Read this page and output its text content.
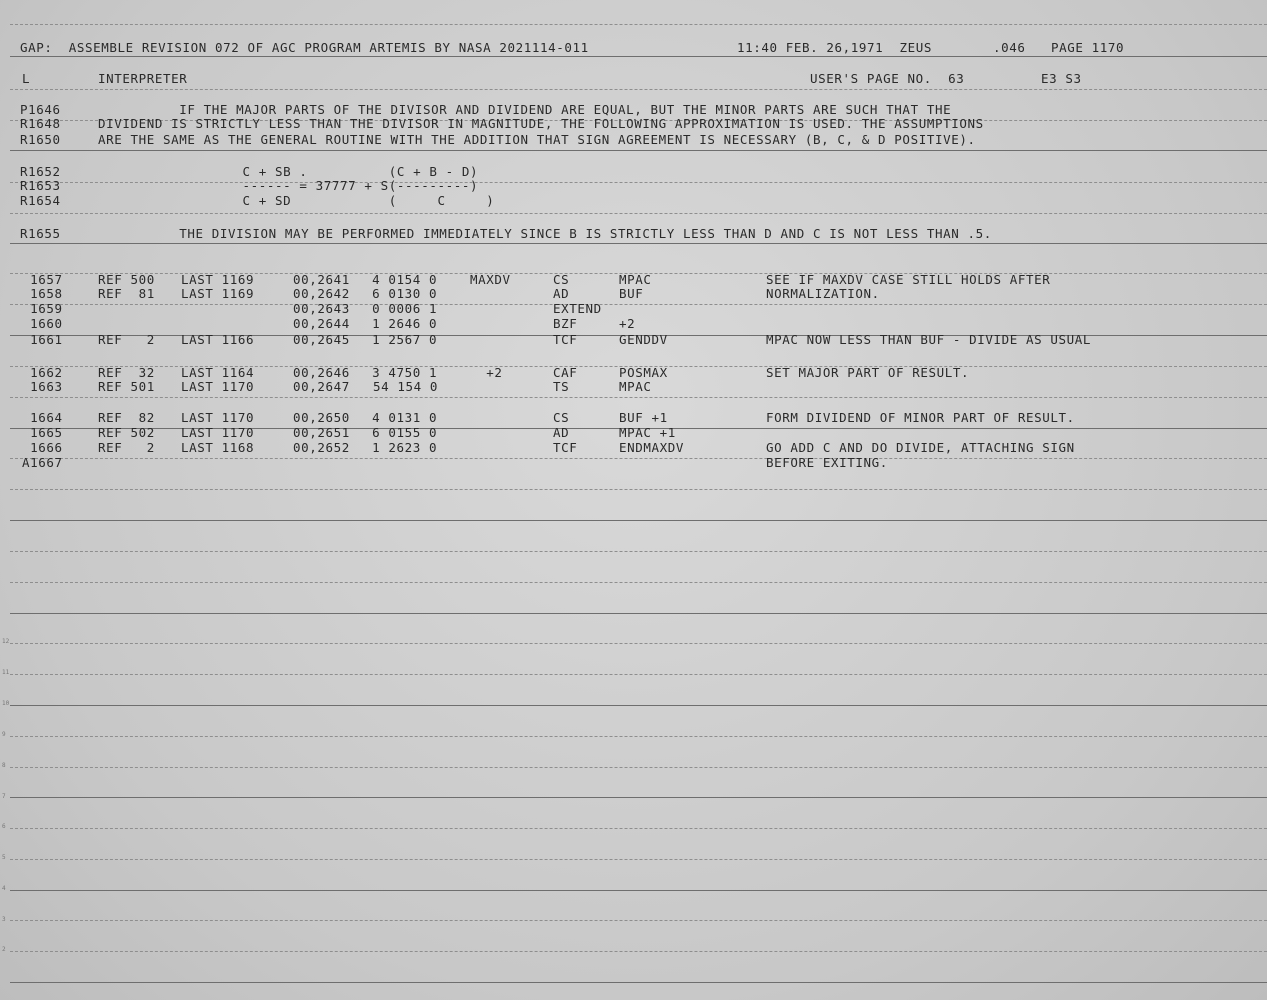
12
11
10
9
8
7
6
5
4
3
2
GAP:  ASSEMBLE REVISION 072 OF AGC PROGRAM ARTEMIS BY NASA 2021114-011	11:40 FEB. 26,1971  ZEUS	.046 PAGE 1170
L	INTERPRETER	USER'S PAGE NO.  63	E3 S3
P1646	IF THE MAJOR PARTS OF THE DIVISOR AND DIVIDEND ARE EQUAL, BUT THE MINOR PARTS ARE SUCH THAT THE
R1648	DIVIDEND IS STRICTLY LESS THAN THE DIVISOR IN MAGNITUDE, THE FOLLOWING APPROXIMATION IS USED. THE ASSUMPTIONS
R1650	ARE THE SAME AS THE GENERAL ROUTINE WITH THE ADDITION THAT SIGN AGREEMENT IS NECESSARY (B, C, & D POSITIVE).
R1652 C + SB .          (C + B - D)
R1653 ------ = 37777 + S(---------)
R1654 C + SD            (     C     )
R1655	THE DIVISION MAY BE PERFORMED IMMEDIATELY SINCE B IS STRICTLY LESS THAN D AND C IS NOT LESS THAN .5.
1657	REF 500 LAST 1169	00,2641 4 0154 0	MAXDV	CS	MPAC	SEE IF MAXDV CASE STILL HOLDS AFTER
1658	REF  81 LAST 1169	00,2642 6 0130 0	AD	BUF	NORMALIZATION.
1659	00,2643 0 0006 1	EXTEND
1660	00,2644 1 2646 0	BZF	+2
1661	REF   2 LAST 1166	00,2645 1 2567 0	TCF	GENDDV	MPAC NOW LESS THAN BUF - DIVIDE AS USUAL
1662	REF  32 LAST 1164	00,2646 3 4750 1	+2	CAF	POSMAX	SET MAJOR PART OF RESULT.
1663	REF 501 LAST 1170	00,2647 54 154 0	TS	MPAC
1664	REF  82 LAST 1170	00,2650 4 0131 0	CS	BUF +1	FORM DIVIDEND OF MINOR PART OF RESULT.
1665	REF 502 LAST 1170	00,2651 6 0155 0	AD	MPAC +1
1666	REF   2 LAST 1168	00,2652 1 2623 0	TCF	ENDMAXDV	GO ADD C AND DO DIVIDE, ATTACHING SIGN
A1667	BEFORE EXITING.
